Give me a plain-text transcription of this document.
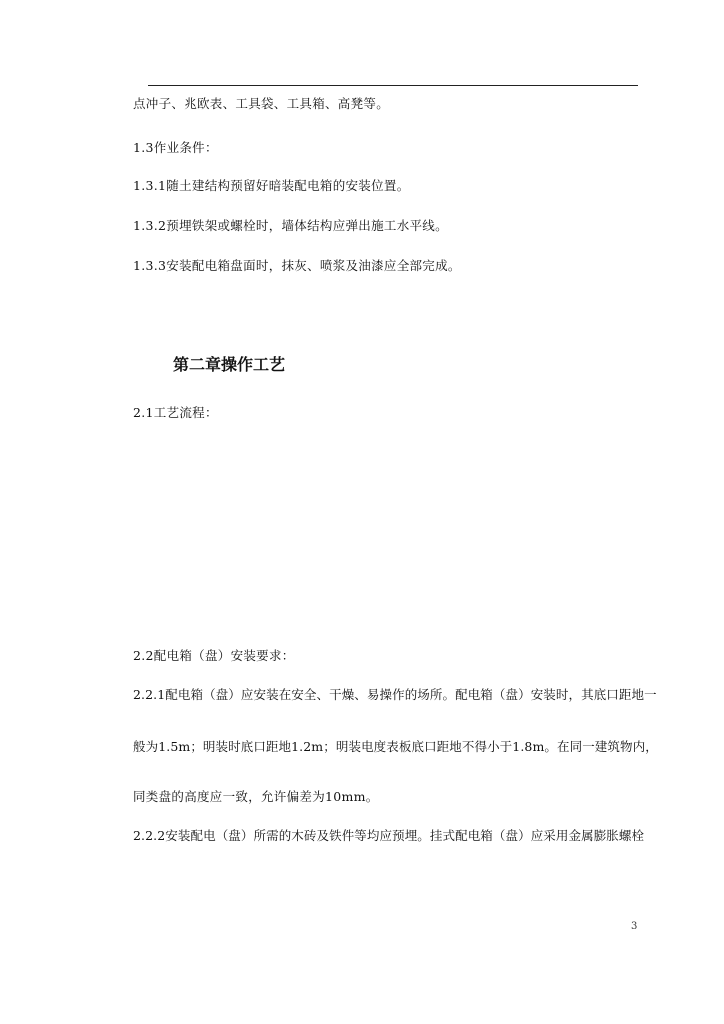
点冲子、兆欧表、工具袋、工具箱、高凳等。
1.3作业条件：
1.3.1随土建结构预留好暗装配电箱的安装位置。
1.3.2预埋铁架或螺栓时，墙体结构应弹出施工水平线。
1.3.3安装配电箱盘面时，抹灰、喷浆及油漆应全部完成。
第二章操作工艺
2.1工艺流程：
2.2配电箱（盘）安装要求：
2.2.1配电箱（盘）应安装在安全、干燥、易操作的场所。配电箱（盘）安装时，其底口距地一
般为1.5m；明装时底口距地1.2m；明装电度表板底口距地不得小于1.8m。在同一建筑物内，
同类盘的高度应一致，允许偏差为10mm。
2.2.2安装配电（盘）所需的木砖及铁件等均应预埋。挂式配电箱（盘）应采用金属膨胀螺栓
3
